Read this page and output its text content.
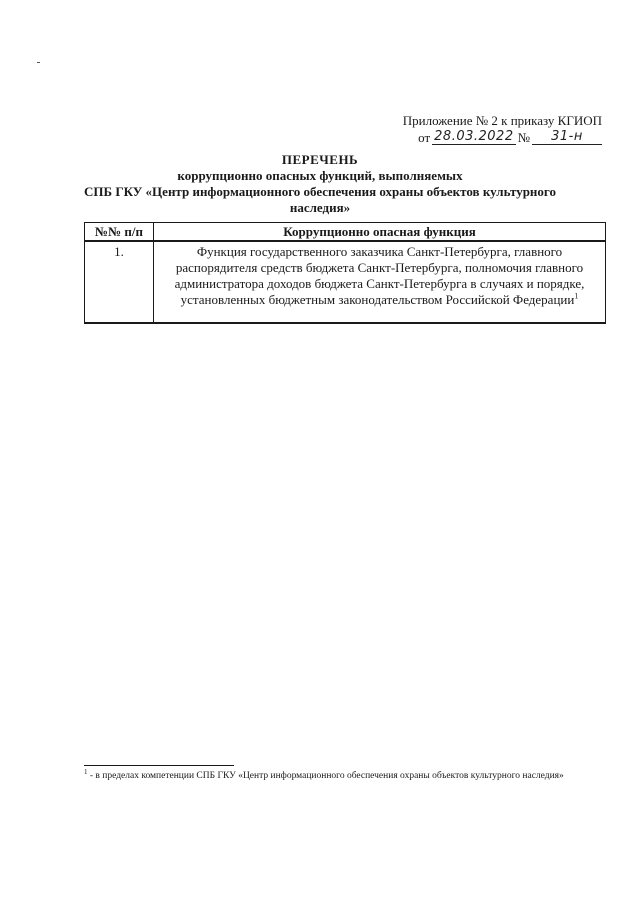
Приложение № 2 к приказу КГИОП
от 28.03.2022 №	31-н
ПЕРЕЧЕНЬ
коррупционно опасных функций, выполняемых
СПБ ГКУ «Центр информационного обеспечения охраны объектов культурного
наследия»
№№ п/п	Коррупционно опасная функция
1.	Функция государственного заказчика Санкт-Петербурга, главного распорядителя средств бюджета Санкт-Петербурга, полномочия главного администратора доходов бюджета Санкт-Петербурга в случаях и порядке, установленных бюджетным законодательством Российской Федерации$^1$
$^1$ - в пределах компетенции СПБ ГКУ «Центр информационного обеспечения охраны объектов культурного наследия»
